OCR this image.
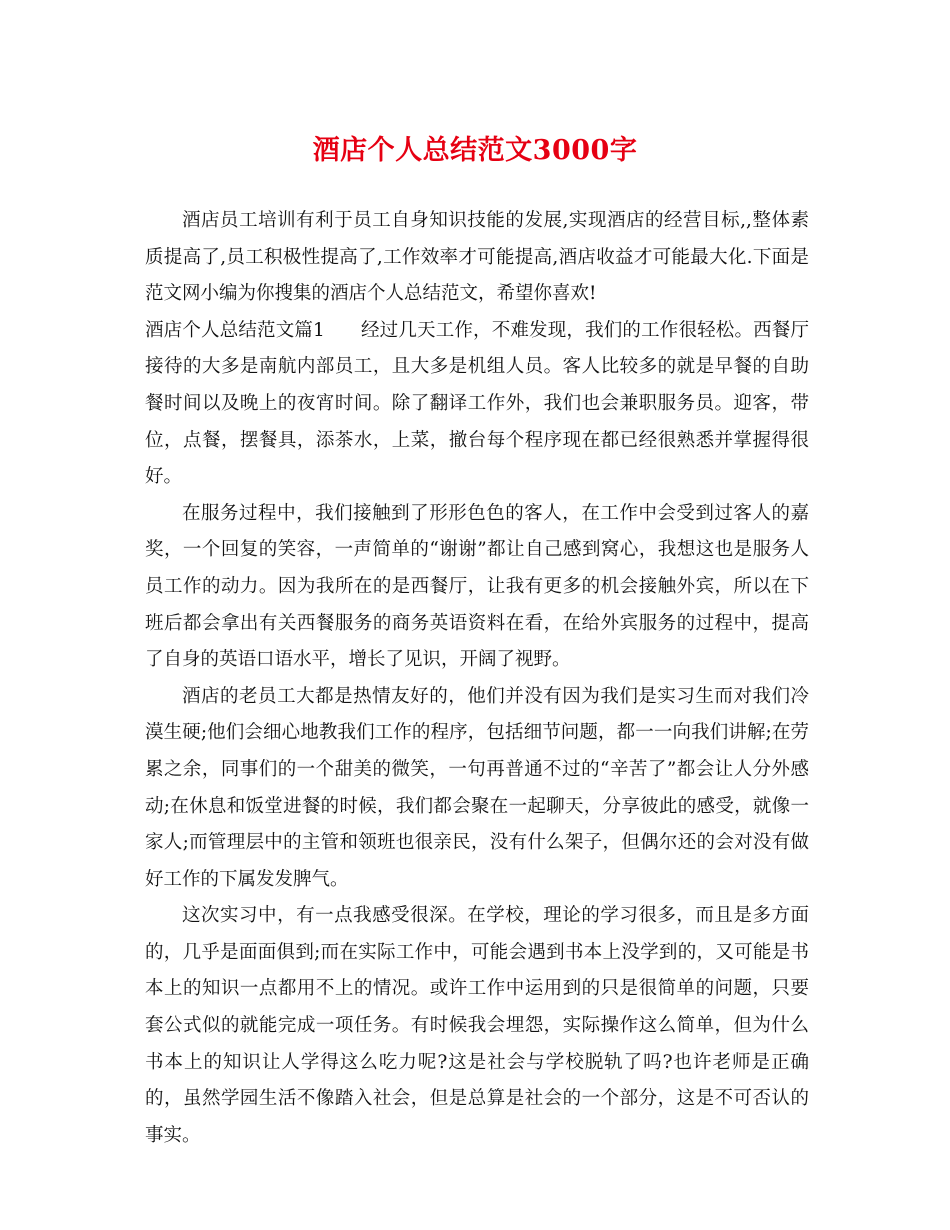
酒店个人总结范文3000字

酒店员工培训有利于员工自身知识技能的发展,实现酒店的经营目标,,整体素质提高了,员工积极性提高了,工作效率才可能提高,酒店收益才可能最大化.下面是范文网小编为你搜集的酒店个人总结范文，希望你喜欢!

酒店个人总结范文篇1 经过几天工作，不难发现，我们的工作很轻松。西餐厅接待的大多是南航内部员工，且大多是机组人员。客人比较多的就是早餐的自助餐时间以及晚上的夜宵时间。除了翻译工作外，我们也会兼职服务员。迎客，带位，点餐，摆餐具，添茶水，上菜，撤台每个程序现在都已经很熟悉并掌握得很好。

在服务过程中，我们接触到了形形色色的客人，在工作中会受到过客人的嘉奖，一个回复的笑容，一声简单的“谢谢”都让自己感到窝心，我想这也是服务人员工作的动力。因为我所在的是西餐厅，让我有更多的机会接触外宾，所以在下班后都会拿出有关西餐服务的商务英语资料在看，在给外宾服务的过程中，提高了自身的英语口语水平，增长了见识，开阔了视野。

酒店的老员工大都是热情友好的，他们并没有因为我们是实习生而对我们冷漠生硬;他们会细心地教我们工作的程序，包括细节问题，都一一向我们讲解;在劳累之余，同事们的一个甜美的微笑，一句再普通不过的“辛苦了”都会让人分外感动;在休息和饭堂进餐的时候，我们都会聚在一起聊天，分享彼此的感受，就像一家人;而管理层中的主管和领班也很亲民，没有什么架子，但偶尔还的会对没有做好工作的下属发发脾气。

这次实习中，有一点我感受很深。在学校，理论的学习很多，而且是多方面的，几乎是面面俱到;而在实际工作中，可能会遇到书本上没学到的，又可能是书本上的知识一点都用不上的情况。或许工作中运用到的只是很简单的问题，只要套公式似的就能完成一项任务。有时候我会埋怨，实际操作这么简单，但为什么书本上的知识让人学得这么吃力呢?这是社会与学校脱轨了吗?也许老师是正确的，虽然学园生活不像踏入社会，但是总算是社会的一个部分，这是不可否认的事实。
